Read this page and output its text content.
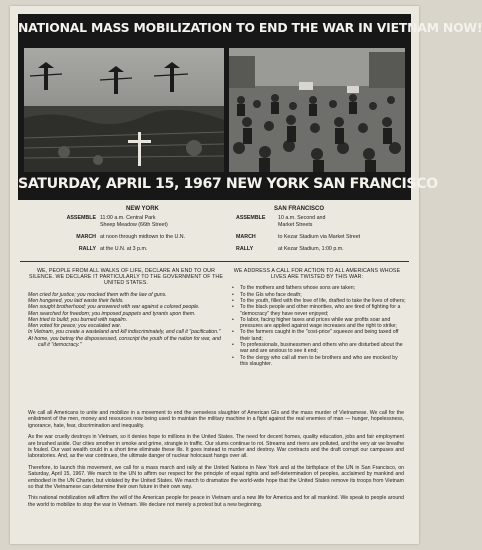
NATIONAL MASS MOBILIZATION TO END THE WAR IN VIETNAM NOW!
SATURDAY, APRIL 15, 1967 NEW YORK SAN FRANCISCO
NEW YORK
ASSEMBLE 11:00 a.m. Central Park
Sheep Meadow (66th Street)
MARCH at noon through midtown to the U.N.
RALLY at the U.N. at 3 p.m.
SAN FRANCISCO
ASSEMBLE	10 a.m. Second and
Market Streets
MARCH	to Kezar Stadium via Market Street
RALLY	at Kezar Stadium, 1:00 p.m.

WE, PEOPLE FROM ALL WALKS OF LIFE, DECLARE AN END TO OUR SILENCE. WE DECLARE IT PARTICULARLY TO THE GOVERNMENT OF THE UNITED STATES.

Men cried for justice; you mocked them with the law of guns.
Men hungered, you laid waste their fields.
Men sought brotherhood; you answered with war against a colored people.
Men searched for freedom; you imposed puppets and tyrants upon them.
Men tried to build; you burned with napalm.
Men voted for peace; you escalated war.
In Vietnam, you create a wasteland and kill indiscriminately, and call it "pacification."
At home, you betray the dispossessed, conscript the youth of the nation for war, and call it "democracy."

WE ADDRESS A CALL FOR ACTION TO ALL AMERICANS WHOSE LIVES ARE TWISTED BY THIS WAR:

• To the mothers and fathers whose sons are taken;
• To the GIs who face death;
• To the youth, filled with the love of life, drafted to take the lives of others;
• To the black people and other minorities, who are tired of fighting for a "democracy" they have never enjoyed;
• To labor, facing higher taxes and prices while war profits soar and pressures are applied against wage increases and the right to strike;
• To the farmers caught in the "cost-price" squeeze and being taxed off their land;
• To professionals, businessmen and others who are disturbed about the war and are anxious to see it end;
• To the clergy who call all men to be brothers and who are mocked by this slaughter.

We call all Americans to unite and mobilize in a movement to end the senseless slaughter of American GIs and the mass murder of Vietnamese. We call for the enlistment of the men, money and resources now being used to maintain the military machine in a fight against the real enemies of man — hunger, hopelessness, ignorance, hate, fear, discrimination and inequality.

As the war cruelly destroys in Vietnam, so it denies hope to millions in the United States. The need for decent homes, quality education, jobs and fair employment are brushed aside. Our cities smother in smoke and grime, strangle in traffic. Our slums continue to rot. Streams and rivers are polluted, and the very air we breathe is fouled. Our vast wealth could in a short time eliminate these ills. It goes instead to murder and destroy. War contracts and the draft corrupt our campuses and laboratories. And, as the war continues, the ultimate danger of nuclear holocaust hangs over all.

Therefore, to launch this movement, we call for a mass march and rally at the United Nations in New York and at the birthplace of the UN in San Francisco, on Saturday, April 15, 1967. We march to the UN to affirm our respect for the principle of equal rights and self-determination of peoples, acclaimed by mankind and embodied in the UN Charter, but violated by the United States. We march to dramatize the world-wide hope that the United States remove its troops from Vietnam so that the Vietnamese can determine their own future in their own way.

This national mobilization will affirm the will of the American people for peace in Vietnam and a new life for America and for all mankind. We speak to people around the world to mobilize to stop the war in Vietnam. We declare not merely a protest but a new beginning.
